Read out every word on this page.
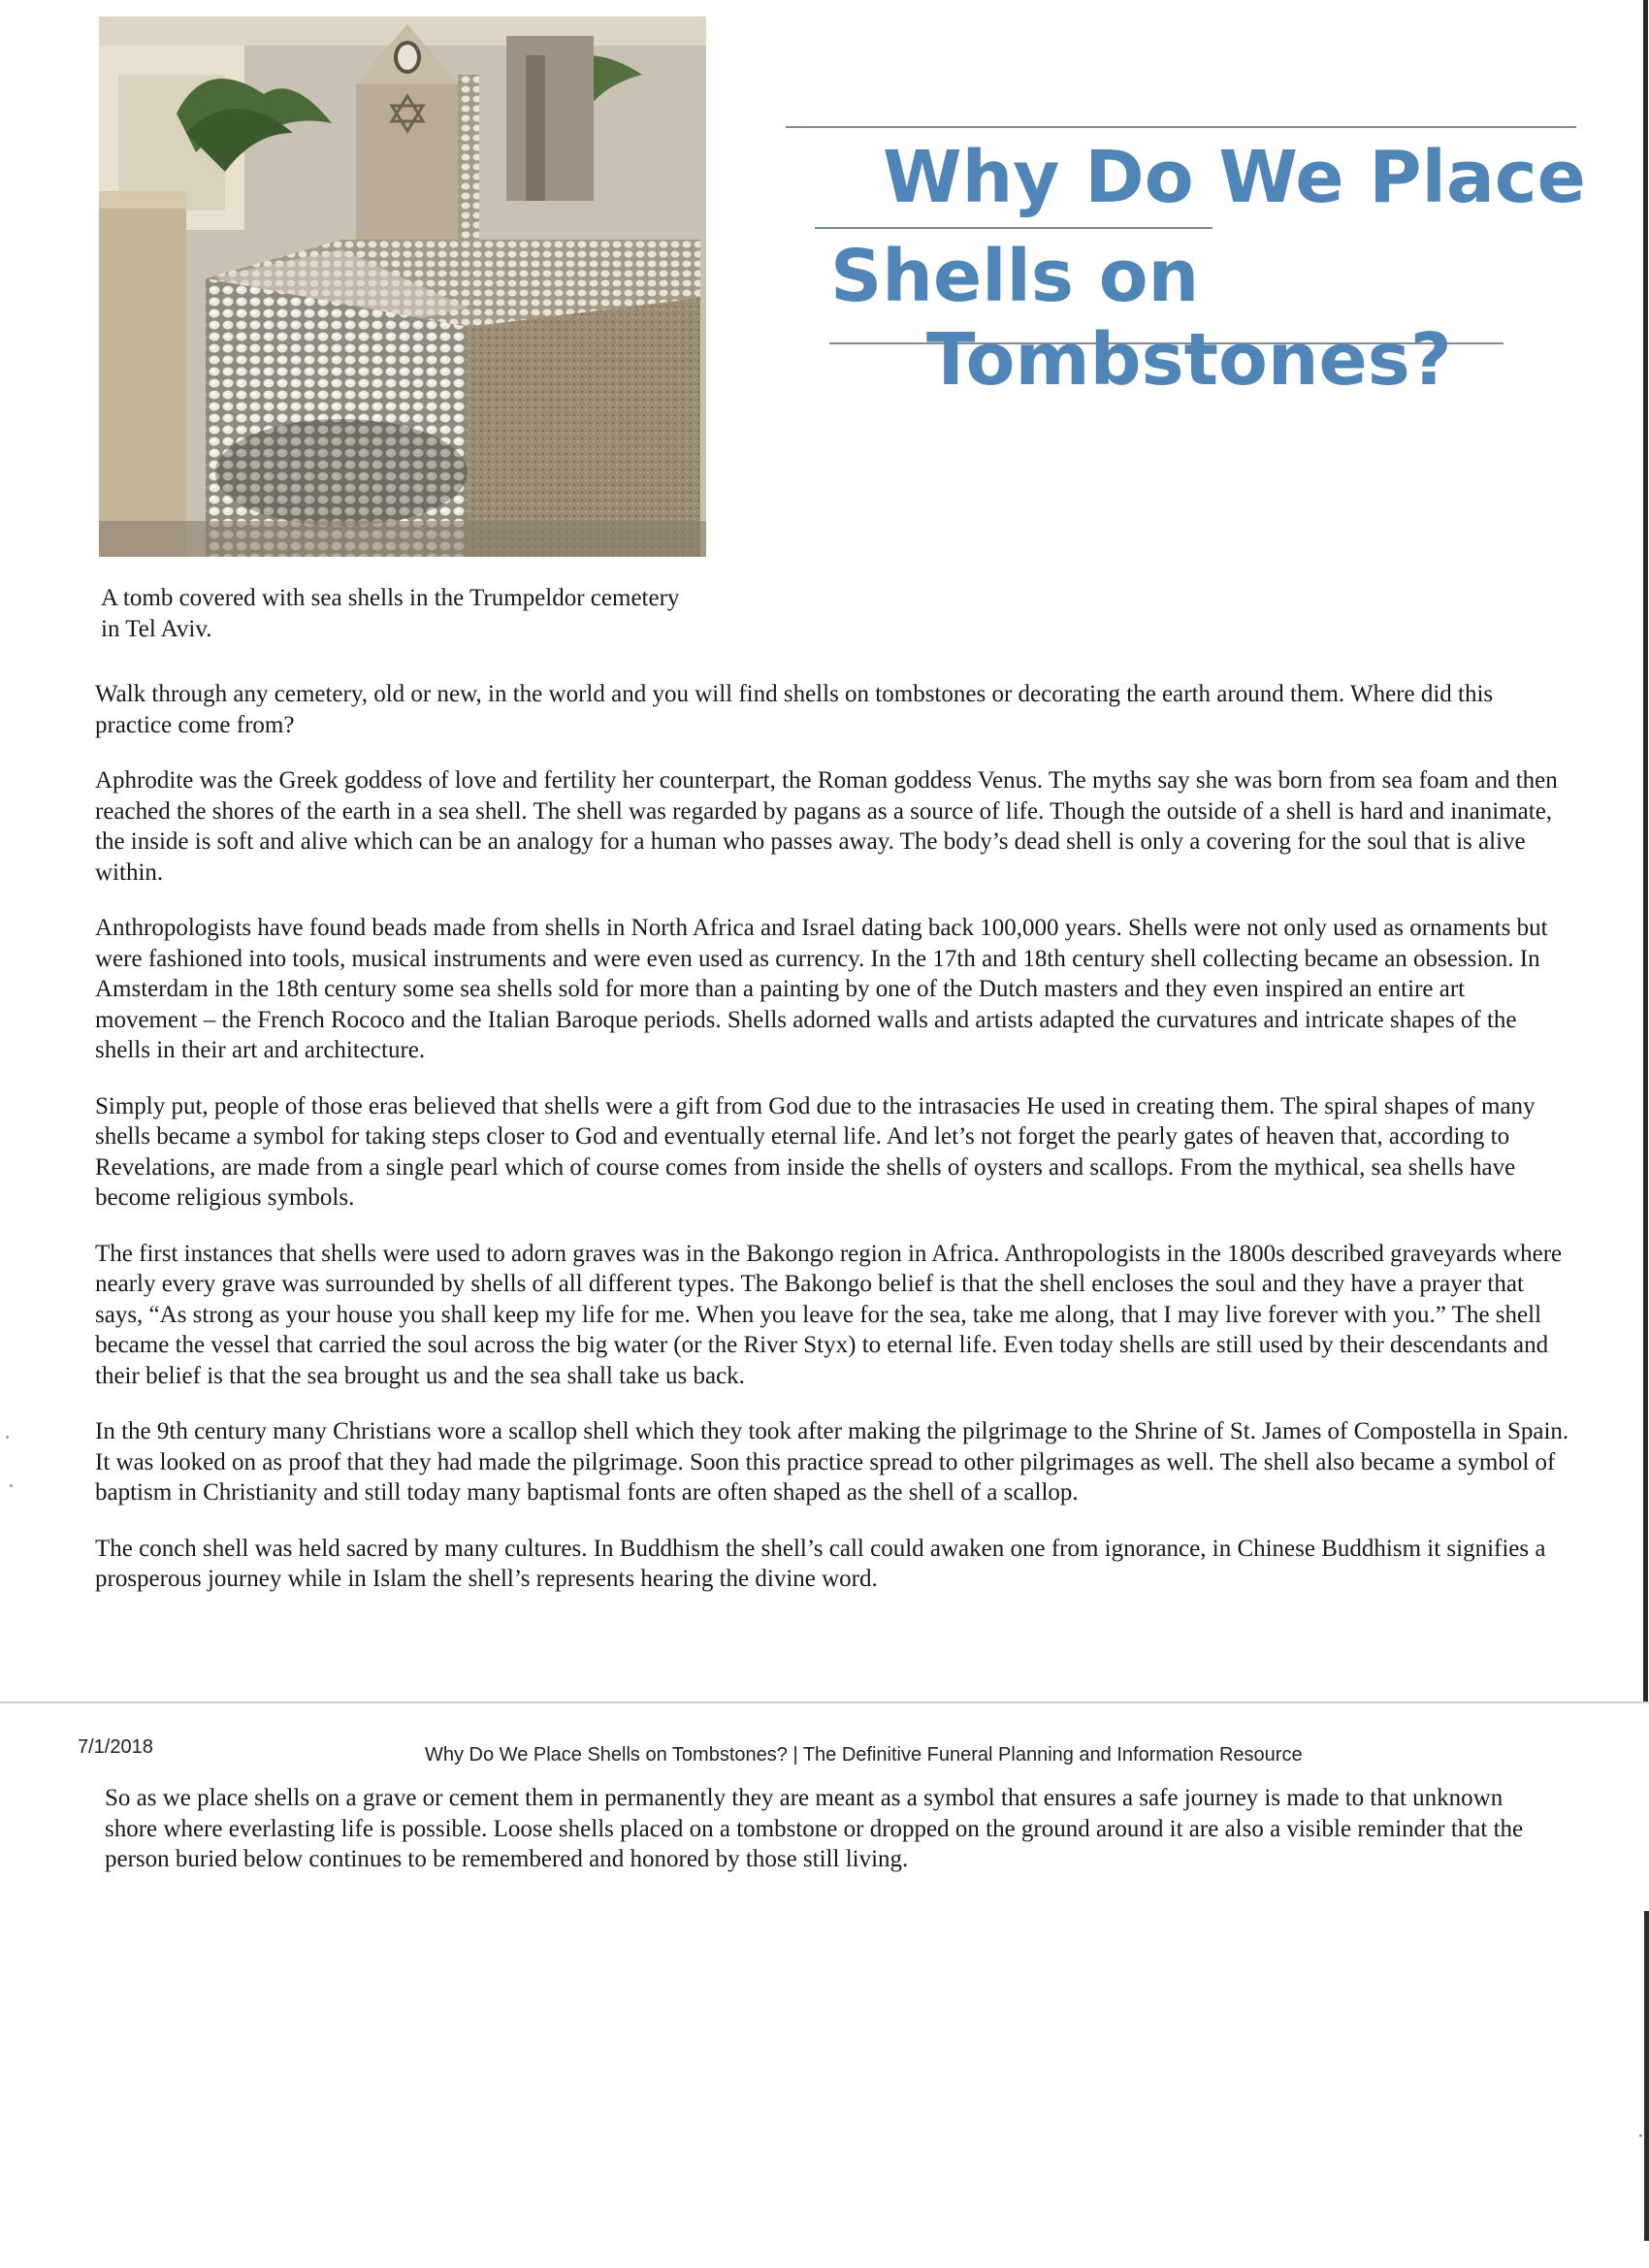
Why Do We Place
Shells on
Tombstones?

A tomb covered with sea shells in the Trumpeldor cemetery in Tel Aviv.

Walk through any cemetery, old or new, in the world and you will find shells on tombstones or decorating the earth around them. Where did this practice come from?

Aphrodite was the Greek goddess of love and fertility her counterpart, the Roman goddess Venus. The myths say she was born from sea foam and then reached the shores of the earth in a sea shell. The shell was regarded by pagans as a source of life. Though the outside of a shell is hard and inanimate, the inside is soft and alive which can be an analogy for a human who passes away. The body’s dead shell is only a covering for the soul that is alive within.

Anthropologists have found beads made from shells in North Africa and Israel dating back 100,000 years. Shells were not only used as ornaments but were fashioned into tools, musical instruments and were even used as currency. In the 17th and 18th century shell collecting became an obsession. In Amsterdam in the 18th century some sea shells sold for more than a painting by one of the Dutch masters and they even inspired an entire art movement – the French Rococo and the Italian Baroque periods. Shells adorned walls and artists adapted the curvatures and intricate shapes of the shells in their art and architecture.

Simply put, people of those eras believed that shells were a gift from God due to the intrasacies He used in creating them. The spiral shapes of many shells became a symbol for taking steps closer to God and eventually eternal life. And let’s not forget the pearly gates of heaven that, according to Revelations, are made from a single pearl which of course comes from inside the shells of oysters and scallops. From the mythical, sea shells have become religious symbols.

The first instances that shells were used to adorn graves was in the Bakongo region in Africa. Anthropologists in the 1800s described graveyards where nearly every grave was surrounded by shells of all different types. The Bakongo belief is that the shell encloses the soul and they have a prayer that says, “As strong as your house you shall keep my life for me. When you leave for the sea, take me along, that I may live forever with you.” The shell became the vessel that carried the soul across the big water (or the River Styx) to eternal life. Even today shells are still used by their descendants and their belief is that the sea brought us and the sea shall take us back.

In the 9th century many Christians wore a scallop shell which they took after making the pilgrimage to the Shrine of St. James of Compostella in Spain. It was looked on as proof that they had made the pilgrimage. Soon this practice spread to other pilgrimages as well. The shell also became a symbol of baptism in Christianity and still today many baptismal fonts are often shaped as the shell of a scallop.

The conch shell was held sacred by many cultures. In Buddhism the shell’s call could awaken one from ignorance, in Chinese Buddhism it signifies a prosperous journey while in Islam the shell’s represents hearing the divine word.

7/1/2018	Why Do We Place Shells on Tombstones? | The Definitive Funeral Planning and Information Resource

So as we place shells on a grave or cement them in permanently they are meant as a symbol that ensures a safe journey is made to that unknown shore where everlasting life is possible. Loose shells placed on a tombstone or dropped on the ground around it are also a visible reminder that the person buried below continues to be remembered and honored by those still living.
